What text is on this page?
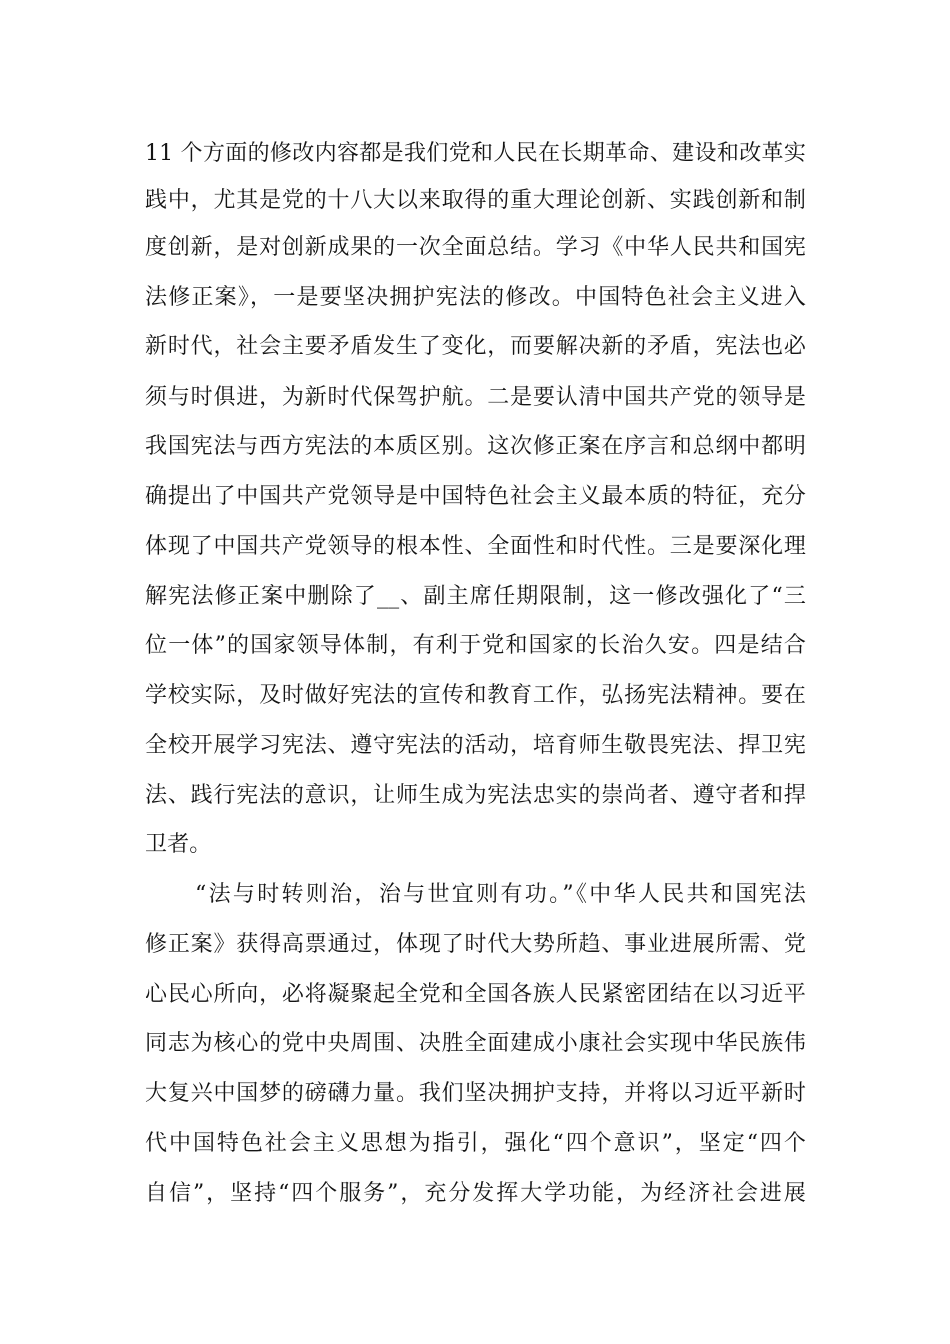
11 个方面的修改内容都是我们党和人民在长期革命、建设和改革实
践中，尤其是党的十八大以来取得的重大理论创新、实践创新和制
度创新，是对创新成果的一次全面总结。学习《中华人民共和国宪
法修正案》，一是要坚决拥护宪法的修改。中国特色社会主义进入
新时代，社会主要矛盾发生了变化，而要解决新的矛盾，宪法也必
须与时俱进，为新时代保驾护航。二是要认清中国共产党的领导是
我国宪法与西方宪法的本质区别。这次修正案在序言和总纲中都明
确提出了中国共产党领导是中国特色社会主义最本质的特征，充分
体现了中国共产党领导的根本性、全面性和时代性。三是要深化理
解宪法修正案中删除了__、副主席任期限制，这一修改强化了“三
位一体”的国家领导体制，有利于党和国家的长治久安。四是结合
学校实际，及时做好宪法的宣传和教育工作，弘扬宪法精神。要在
全校开展学习宪法、遵守宪法的活动，培育师生敬畏宪法、捍卫宪
法、践行宪法的意识，让师生成为宪法忠实的崇尚者、遵守者和捍
卫者。
“法与时转则治，治与世宜则有功。”《中华人民共和国宪法
修正案》获得高票通过，体现了时代大势所趋、事业进展所需、党
心民心所向，必将凝聚起全党和全国各族人民紧密团结在以习近平
同志为核心的党中央周围、决胜全面建成小康社会实现中华民族伟
大复兴中国梦的磅礴力量。我们坚决拥护支持，并将以习近平新时
代中国特色社会主义思想为指引，强化“四个意识”，坚定“四个
自信”，坚持“四个服务”，充分发挥大学功能，为经济社会进展
